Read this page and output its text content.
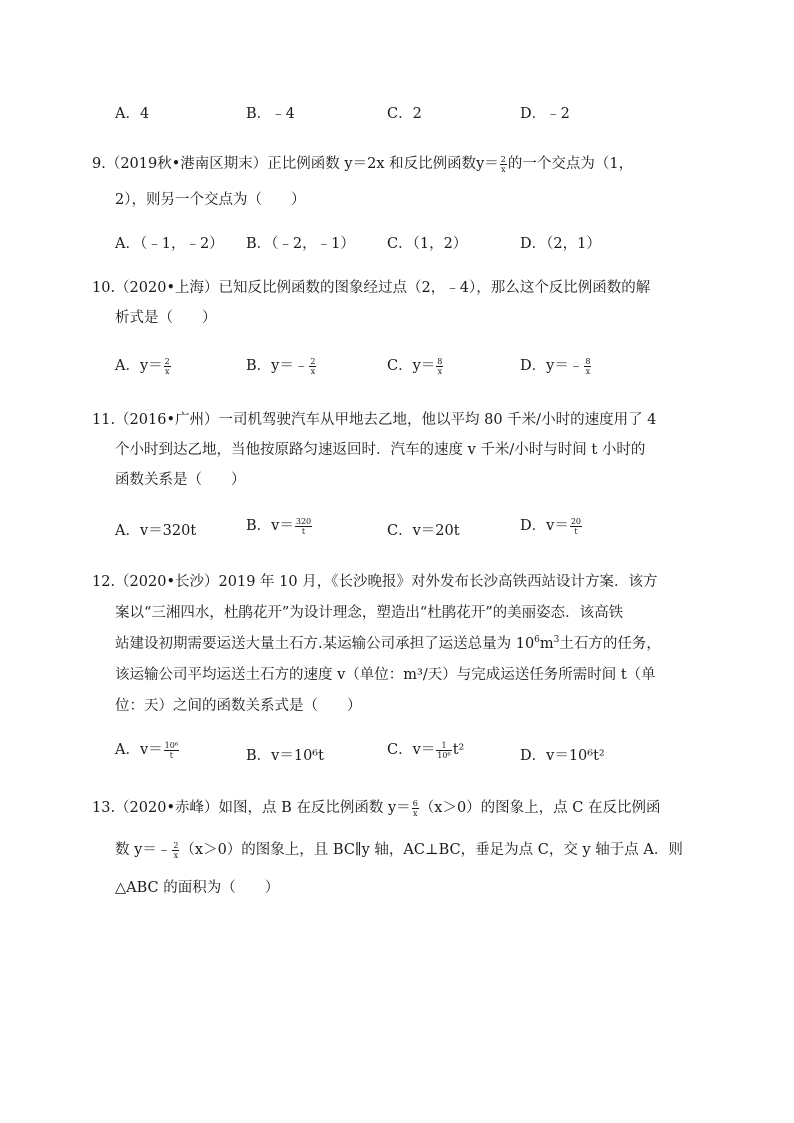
A．4	B．﹣4	C．2	D．﹣2
9.（2019秋•港南区期末）正比例函数 y＝2x 和反比例函数$y= \frac{2}{x}$ 的一个交点为（1，
2），则另一个交点为（　　）
A．（﹣1，﹣2） B．（﹣2，﹣1） C．（1，2）	D．（2，1）
10.（2020•上海）已知反比例函数的图象经过点（2，﹣4），那么这个反比例函数的解
析式是（　　）
A．$y= \frac{2}{x}$	B．y＝﹣ $\frac{2}{x}$	C．$y= \frac{8}{x}$	D．y＝﹣ $\frac{8}{x}$
11.（2016•广州）一司机驾驶汽车从甲地去乙地，他以平均 80 千米/小时的速度用了 4
个小时到达乙地，当他按原路匀速返回时．汽车的速度 v 千米/小时与时间 t 小时的
函数关系是（　　）
A．v＝320t	B．$v= \frac{320}{t}$	C．v＝20t	D．$v= \frac{20}{t}$
12.（2020•长沙）2019 年 10 月，《长沙晚报》对外发布长沙高铁西站设计方案．该方
案以“三湘四水，杜鹃花开”为设计理念，塑造出“杜鹃花开”的美丽姿态．该高铁
站建设初期需要运送大量土石方.某运输公司承担了运送总量为 $10^6m^3$土石方的任务，
该运输公司平均运送土石方的速度 v（单位：m³/天）与完成运送任务所需时间 t（单
位：天）之间的函数关系式是（　　）
A．$v= \frac{\text{10⁶}}{t}$	B．v＝10⁶t	C．$v= \frac{1}{\text{10⁶}} t^2$	D．v＝10⁶t²
13.（2020•赤峰）如图，点 B 在反比例函数 $y= \frac{6}{x} (x>0)$的图象上，点 C 在反比例函
数 y＝﹣ $\frac{2}{x} (x>0)$的图象上，且 BC∥y 轴，AC⊥BC，垂足为点 C，交 y 轴于点 A．则
△ABC 的面积为（　　）
